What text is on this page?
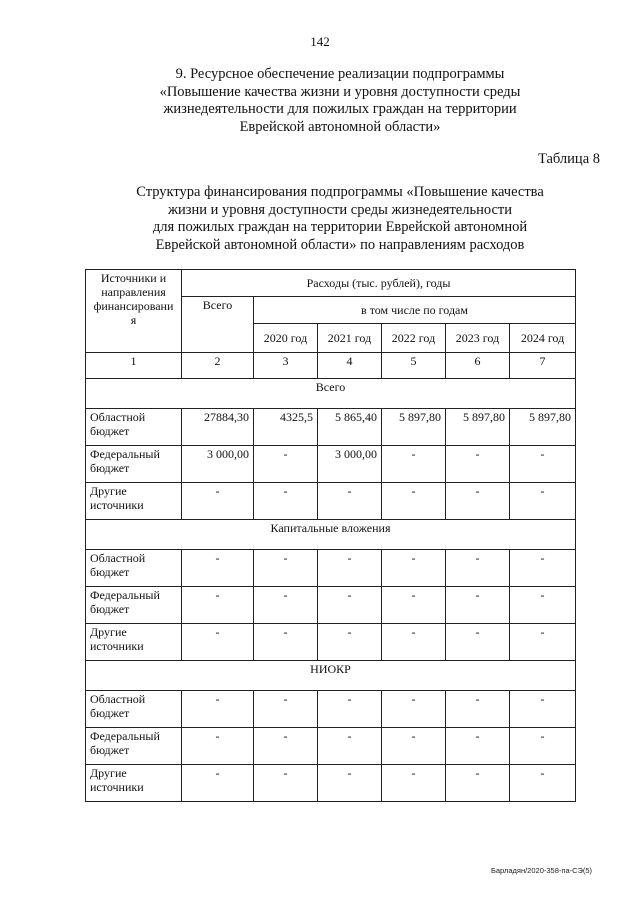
142
9. Ресурсное обеспечение реализации подпрограммы
«Повышение качества жизни и уровня доступности среды
жизнедеятельности для пожилых граждан на территории
Еврейской автономной области»
Таблица 8
Структура финансирования подпрограммы «Повышение качества
жизни и уровня доступности среды жизнедеятельности
для пожилых граждан на территории Еврейской автономной
Еврейской автономной области» по направлениям расходов
Источники и направления финансировани я	Расходы (тыс. рублей), годы					
	Всего	в том числе по годам				
		2020 год	2021 год	2022 год	2023 год	2024 год
1	2	3	4	5	6	7
Всего						
Областной бюджет	27884,30	4325,5	5 865,40	5 897,80	5 897,80	5 897,80
Федеральный бюджет	3 000,00	-	3 000,00	-	-	-
Другие источники	-	-	-	-	-	-
Капитальные вложения						
Областной бюджет	-	-	-	-	-	-
Федеральный бюджет	-	-	-	-	-	-
Другие источники	-	-	-	-	-	-
НИОКР						
Областной бюджет	-	-	-	-	-	-
Федеральный бюджет	-	-	-	-	-	-
Другие источники	-	-	-	-	-	-
Барладян/2020-358-па-СЭ(5)
